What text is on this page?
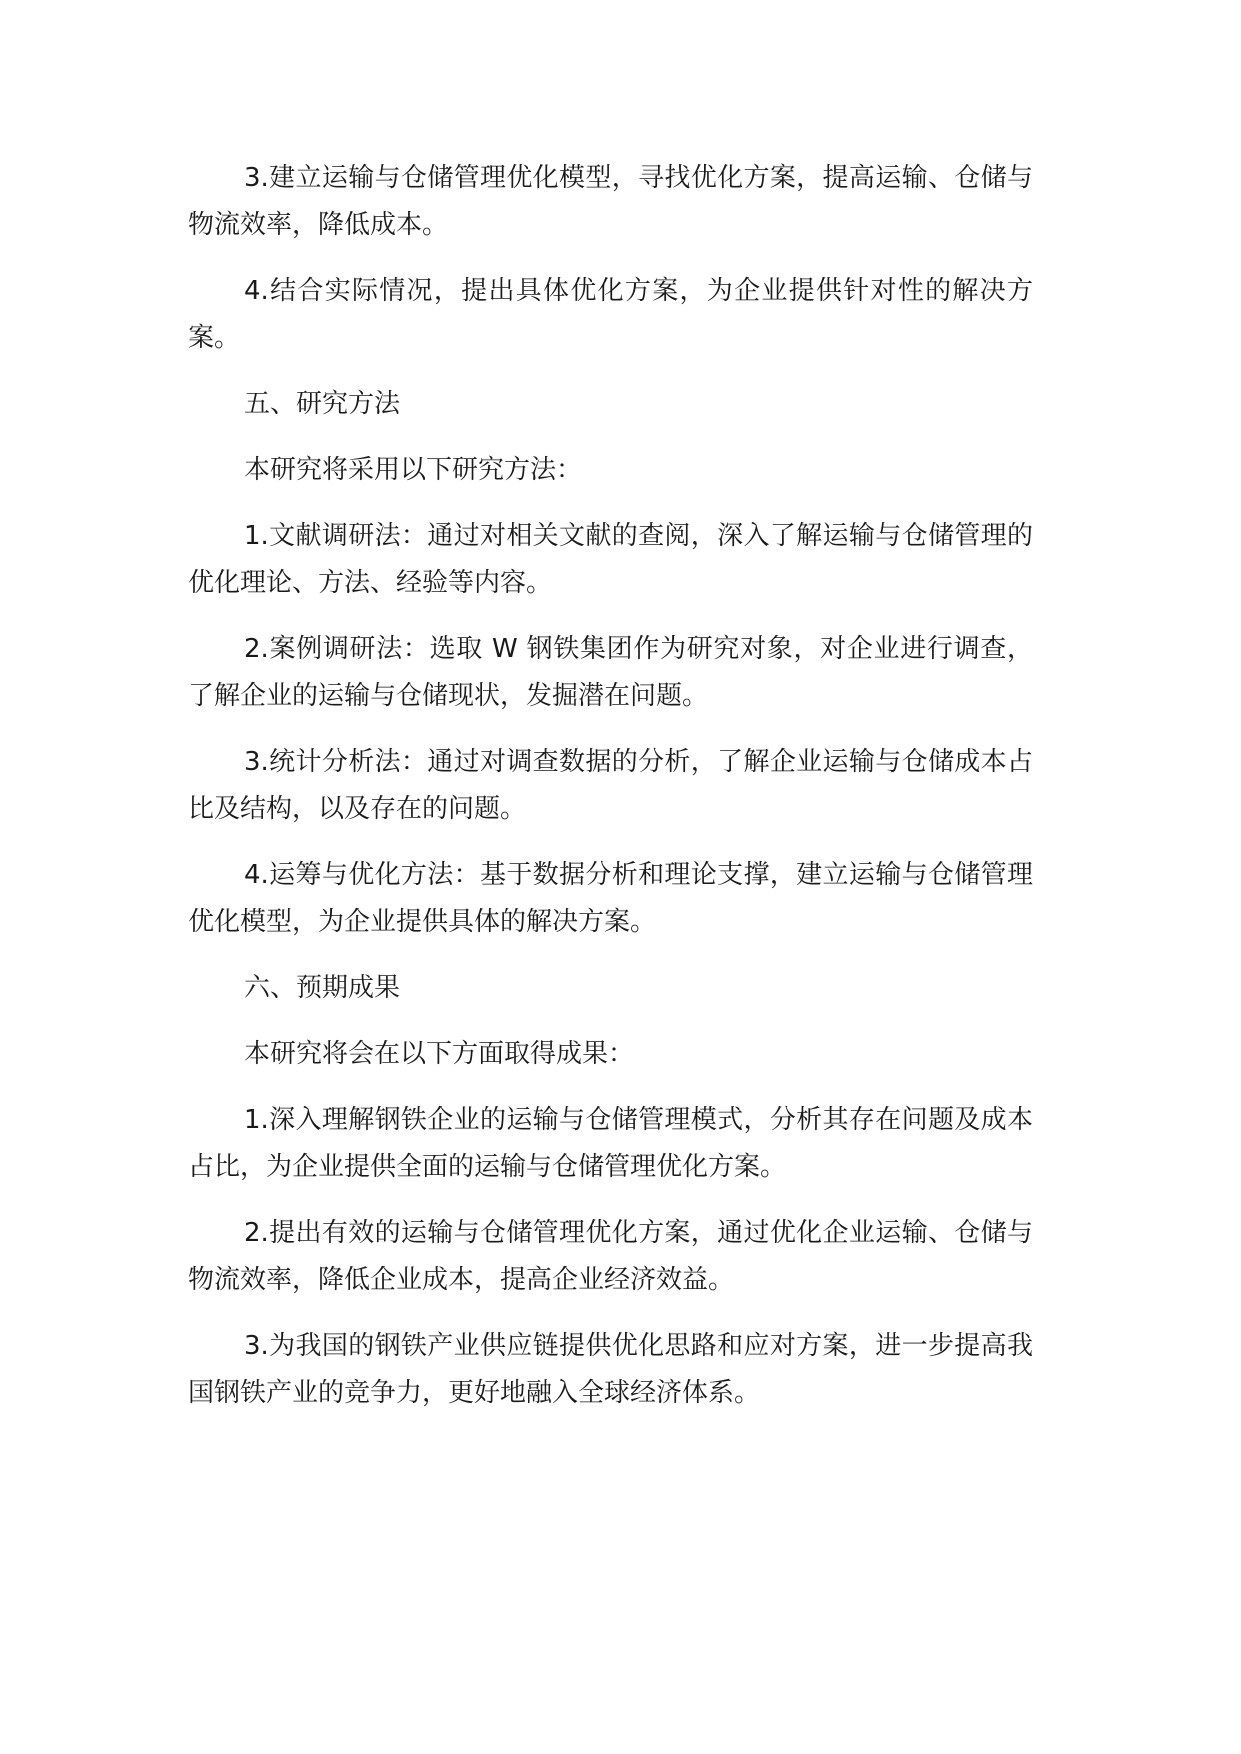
3.建立运输与仓储管理优化模型，寻找优化方案，提高运输、仓储与物流效率，降低成本。

4.结合实际情况，提出具体优化方案，为企业提供针对性的解决方案。

五、研究方法

本研究将采用以下研究方法：

1.文献调研法：通过对相关文献的查阅，深入了解运输与仓储管理的优化理论、方法、经验等内容。

2.案例调研法：选取 W 钢铁集团作为研究对象，对企业进行调查，了解企业的运输与仓储现状，发掘潜在问题。

3.统计分析法：通过对调查数据的分析，了解企业运输与仓储成本占比及结构，以及存在的问题。

4.运筹与优化方法：基于数据分析和理论支撑，建立运输与仓储管理优化模型，为企业提供具体的解决方案。

六、预期成果

本研究将会在以下方面取得成果：

1.深入理解钢铁企业的运输与仓储管理模式，分析其存在问题及成本占比，为企业提供全面的运输与仓储管理优化方案。

2.提出有效的运输与仓储管理优化方案，通过优化企业运输、仓储与物流效率，降低企业成本，提高企业经济效益。

3.为我国的钢铁产业供应链提供优化思路和应对方案，进一步提高我国钢铁产业的竞争力，更好地融入全球经济体系。
